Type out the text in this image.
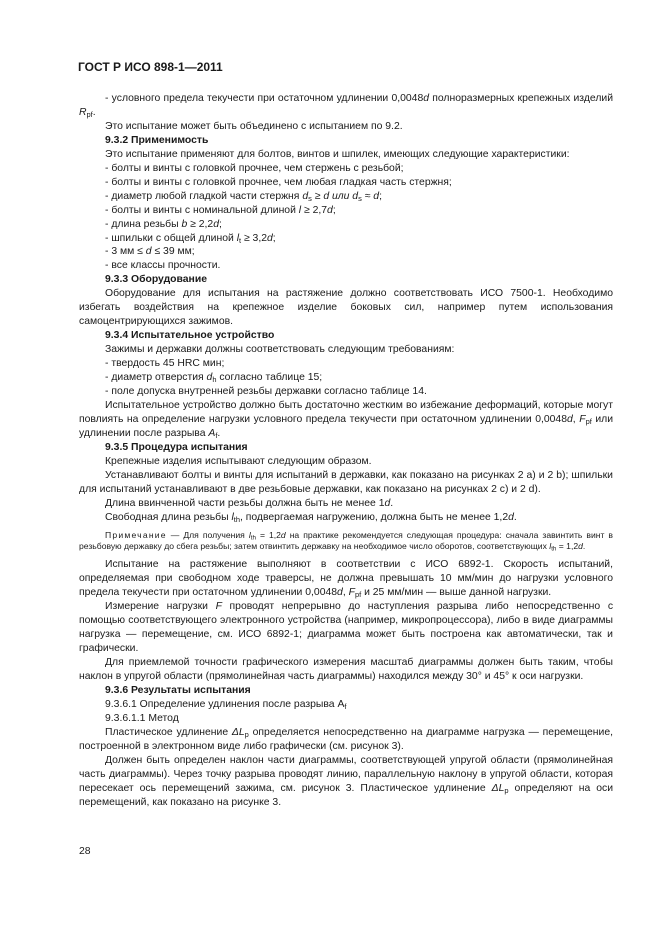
ГОСТ Р ИСО 898-1—2011

- условного предела текучести при остаточном удлинении 0,0048d полноразмерных крепежных изделий $R_{pf}$.

Это испытание может быть объединено с испытанием по 9.2.

9.3.2 Применимость

Это испытание применяют для болтов, винтов и шпилек, имеющих следующие характеристики:

- болты и винты с головкой прочнее, чем стержень с резьбой;

- болты и винты с головкой прочнее, чем любая гладкая часть стержня;

- диаметр любой гладкой части стержня $d_s \ge d$ или $d_s \approx d$;

- болты и винты с номинальной длиной l ≥ 2,7d;

- длина резьбы b ≥ 2,2d;

- шпильки с общей длиной $l_t \ge 3,2d$;

- 3 мм ≤ d ≤ 39 мм;

- все классы прочности.

9.3.3 Оборудование

Оборудование для испытания на растяжение должно соответствовать ИСО 7500-1. Необходимо избегать воздействия на крепежное изделие боковых сил, например путем использования самоцентрирующихся зажимов.

9.3.4 Испытательное устройство

Зажимы и державки должны соответствовать следующим требованиям:

- твердость 45 HRC мин;

- диаметр отверстия $d_h$ согласно таблице 15;

- поле допуска внутренней резьбы державки согласно таблице 14.

Испытательное устройство должно быть достаточно жестким во избежание деформаций, которые могут повлиять на определение нагрузки условного предела текучести при остаточном удлинении 0,0048d, $F_{pf}$ или удлинении после разрыва $A_f$.

9.3.5 Процедура испытания

Крепежные изделия испытывают следующим образом.

Устанавливают болты и винты для испытаний в державки, как показано на рисунках 2 a) и 2 b); шпильки для испытаний устанавливают в две резьбовые державки, как показано на рисунках 2 c) и 2 d).

Длина ввинченной части резьбы должна быть не менее 1d.

Свободная длина резьбы $l_{th}$, подвергаемая нагружению, должна быть не менее 1,2d.

Примечание — Для получения $l_{th} = 1,2d$ на практике рекомендуется следующая процедура: сначала завинтить винт в резьбовую державку до сбега резьбы; затем отвинтить державку на необходимое число оборотов, соответствующих $l_{th} = 1,2d$.

Испытание на растяжение выполняют в соответствии с ИСО 6892-1. Скорость испытаний, определяемая при свободном ходе траверсы, не должна превышать 10 мм/мин до нагрузки условного предела текучести при остаточном удлинении 0,0048d, $F_{pf}$ и 25 мм/мин — выше данной нагрузки.

Измерение нагрузки F проводят непрерывно до наступления разрыва либо непосредственно с помощью соответствующего электронного устройства (например, микропроцессора), либо в виде диаграммы нагрузка — перемещение, см. ИСО 6892-1; диаграмма может быть построена как автоматически, так и графически.

Для приемлемой точности графического измерения масштаб диаграммы должен быть таким, чтобы наклон в упругой области (прямолинейная часть диаграммы) находился между 30° и 45° к оси нагрузки.

9.3.6 Результаты испытания

9.3.6.1 Определение удлинения после разрыва $A_f$

9.3.6.1.1 Метод

Пластическое удлинение $\Delta L_p$ определяется непосредственно на диаграмме нагрузка — перемещение, построенной в электронном виде либо графически (см. рисунок 3).

Должен быть определен наклон части диаграммы, соответствующей упругой области (прямолинейная часть диаграммы). Через точку разрыва проводят линию, параллельную наклону в упругой области, которая пересекает ось перемещений зажима, см. рисунок 3. Пластическое удлинение $\Delta L_p$ определяют на оси перемещений, как показано на рисунке 3.

28
